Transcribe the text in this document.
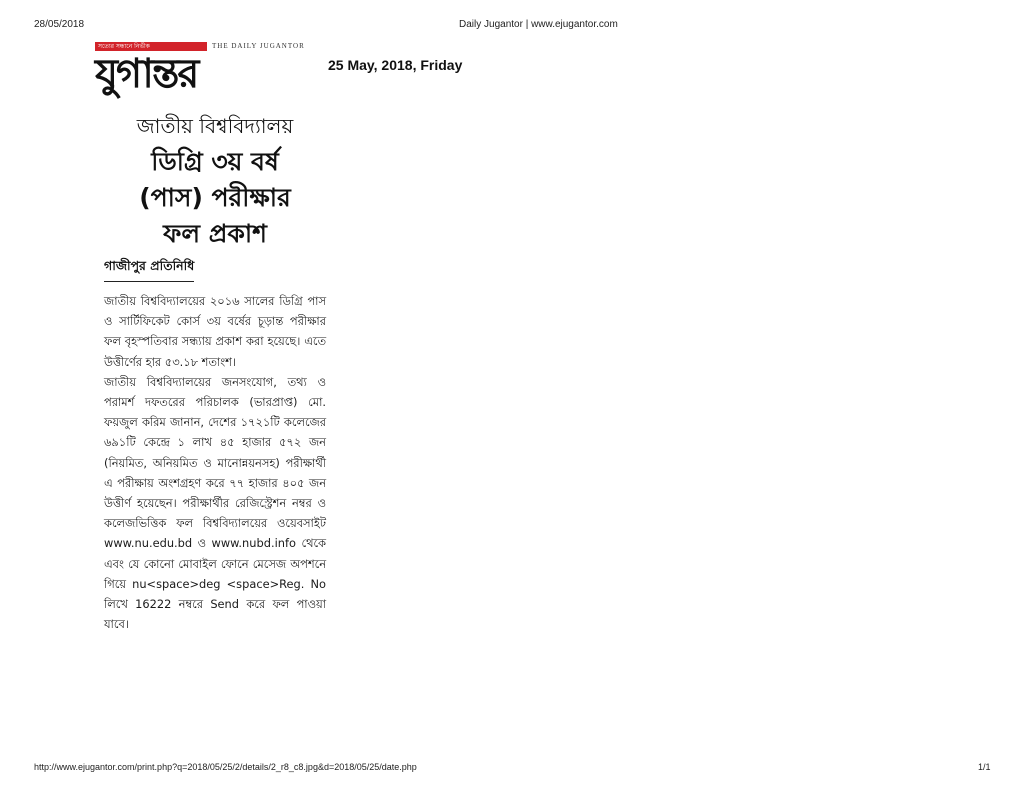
28/05/2018	Daily Jugantor | www.ejugantor.com
সত্যের সন্ধানে নির্ভীক	THE DAILY JUGANTOR
যুগান্তর	25 May, 2018, Friday
জাতীয় বিশ্ববিদ্যালয়
ডিগ্রি ৩য় বর্ষ
(পাস) পরীক্ষার
ফল প্রকাশ
গাজীপুর প্রতিনিধি

জাতীয় বিশ্ববিদ্যালয়ের ২০১৬ সালের ডিগ্রি পাস ও সার্টিফিকেট কোর্স ৩য় বর্ষের চূড়ান্ত পরীক্ষার ফল বৃহস্পতিবার সন্ধ্যায় প্রকাশ করা হয়েছে। এতে উত্তীর্ণের হার ৫৩.১৮ শতাংশ।

জাতীয় বিশ্ববিদ্যালয়ের জনসংযোগ, তথ্য ও পরামর্শ দফতরের পরিচালক (ভারপ্রাপ্ত) মো. ফয়জুল করিম জানান, দেশের ১৭২১টি কলেজের ৬৯১টি কেন্দ্রে ১ লাখ ৪৫ হাজার ৫৭২ জন (নিয়মিত, অনিয়মিত ও মানোন্নয়নসহ) পরীক্ষার্থী এ পরীক্ষায় অংশগ্রহণ করে ৭৭ হাজার ৪০৫ জন উত্তীর্ণ হয়েছেন। পরীক্ষার্থীর রেজিস্ট্রেশন নম্বর ও কলেজভিত্তিক ফল বিশ্ববিদ্যালয়ের ওয়েবসাইট www.nu.edu.bd ও www.nubd.info থেকে এবং যে কোনো মোবাইল ফোনে মেসেজ অপশনে গিয়ে nu<space>deg <space>Reg. No লিখে 16222 নম্বরে Send করে ফল পাওয়া যাবে।

http://www.ejugantor.com/print.php?q=2018/05/25/2/details/2_r8_c8.jpg&d=2018/05/25/date.php	1/1
